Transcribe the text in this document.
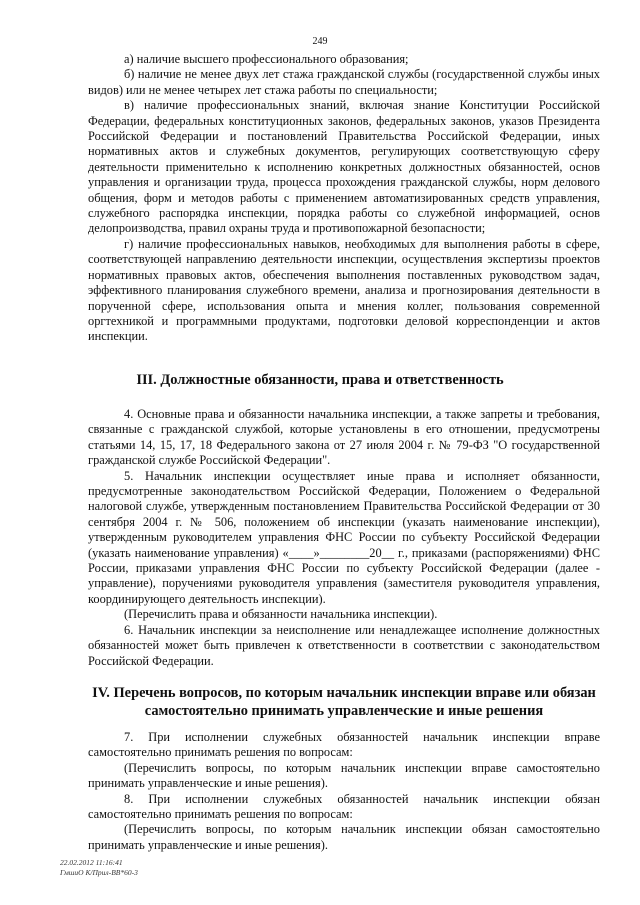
249

а) наличие высшего профессионального образования;

б) наличие не менее двух лет стажа гражданской службы (государственной службы иных видов) или не менее четырех лет стажа работы по специальности;

в) наличие профессиональных знаний, включая знание Конституции Российской Федерации, федеральных конституционных законов, федеральных законов, указов Президента Российской Федерации и постановлений Правительства Российской Федерации, иных нормативных актов и служебных документов, регулирующих соответствующую сферу деятельности применительно к исполнению конкретных должностных обязанностей, основ управления и организации труда, процесса прохождения гражданской службы, норм делового общения, форм и методов работы с применением автоматизированных средств управления, служебного распорядка инспекции, порядка работы со служебной информацией, основ делопроизводства, правил охраны труда и противопожарной безопасности;

г) наличие профессиональных навыков, необходимых для выполнения работы в сфере, соответствующей направлению деятельности инспекции, осуществления экспертизы проектов нормативных правовых актов, обеспечения выполнения поставленных руководством задач, эффективного планирования служебного времени, анализа и прогнозирования деятельности в порученной сфере, использования опыта и мнения коллег, пользования современной оргтехникой и программными продуктами, подготовки деловой корреспонденции и актов инспекции.

III. Должностные обязанности, права и ответственность

4. Основные права и обязанности начальника инспекции, а также запреты и требования, связанные с гражданской службой, которые установлены в его отношении, предусмотрены статьями 14, 15, 17, 18 Федерального закона от 27 июля 2004 г. № 79-ФЗ "О государственной гражданской службе Российской Федерации".

5. Начальник инспекции осуществляет иные права и исполняет обязанности, предусмотренные законодательством Российской Федерации, Положением о Федеральной налоговой службе, утвержденным постановлением Правительства Российской Федерации от 30 сентября 2004 г. № 506, положением об инспекции (указать наименование инспекции), утвержденным руководителем управления ФНС России по субъекту Российской Федерации (указать наименование управления) «____»________20__ г., приказами (распоряжениями) ФНС России, приказами управления ФНС России по субъекту Российской Федерации (далее - управление), поручениями руководителя управления (заместителя руководителя управления, координирующего деятельность инспекции).

(Перечислить права и обязанности начальника инспекции).

6. Начальник инспекции за неисполнение или ненадлежащее исполнение должностных обязанностей может быть привлечен к ответственности в соответствии с законодательством Российской Федерации.

IV. Перечень вопросов, по которым начальник инспекции вправе или обязан самостоятельно принимать управленческие и иные решения

7. При исполнении служебных обязанностей начальник инспекции вправе самостоятельно принимать решения по вопросам:

(Перечислить вопросы, по которым начальник инспекции вправе самостоятельно принимать управленческие и иные решения).

8. При исполнении служебных обязанностей начальник инспекции обязан самостоятельно принимать решения по вопросам:

(Перечислить вопросы, по которым начальник инспекции обязан самостоятельно принимать управленческие и иные решения).

22.02.2012 11:16:41
ГмшиО К/Прил-ВВ*60-3
